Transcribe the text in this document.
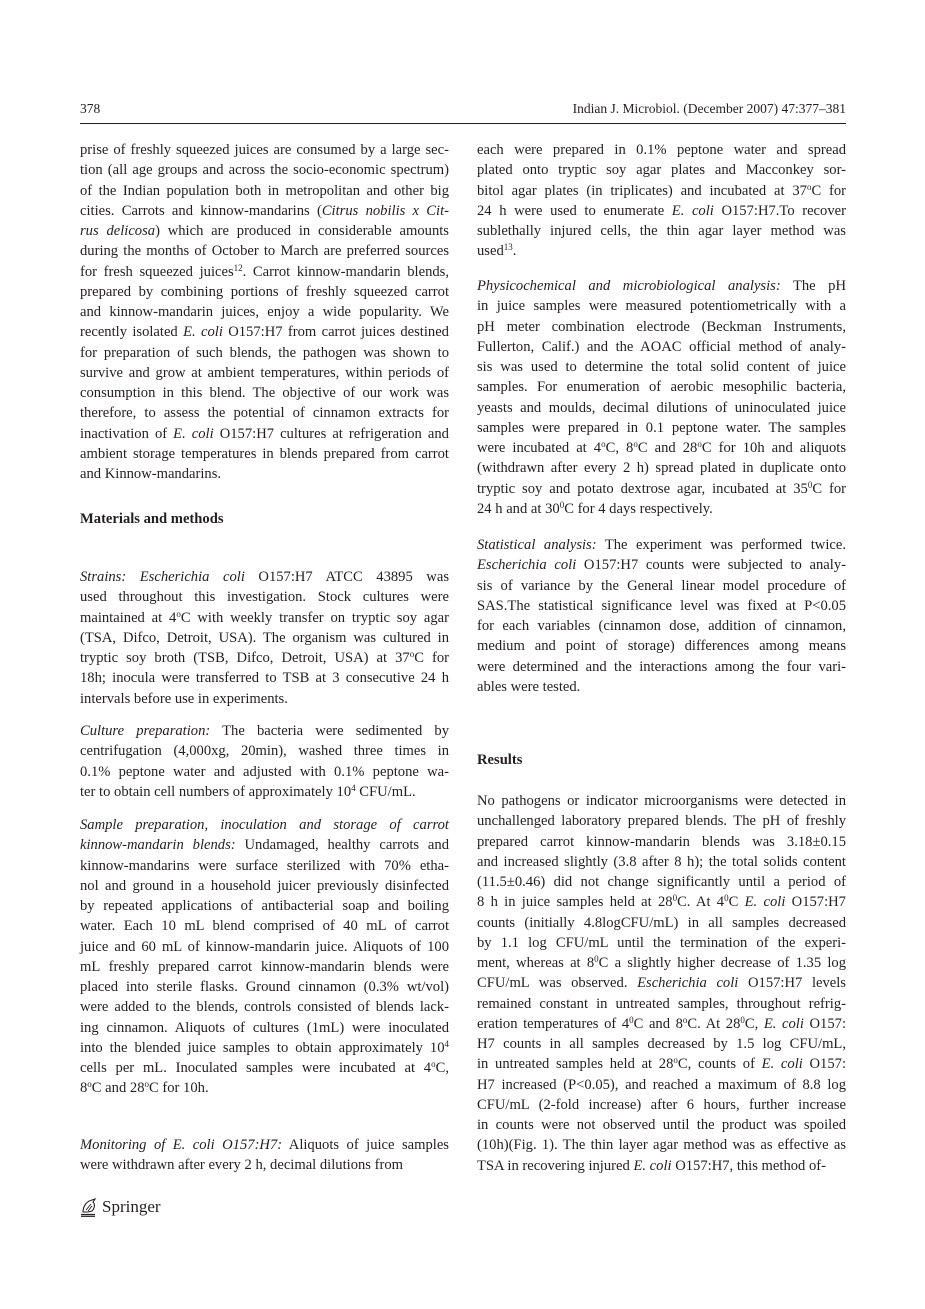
378	Indian J. Microbiol. (December 2007) 47:377–381
prise of freshly squeezed juices are consumed by a large sec-
tion (all age groups and across the socio-economic spectrum)
of the Indian population both in metropolitan and other big
cities. Carrots and kinnow-mandarins (Citrus nobilis x Cit-
rus delicosa) which are produced in considerable amounts
during the months of October to March are preferred sources
for fresh squeezed juices$^{12}$. Carrot kinnow-mandarin blends,
prepared by combining portions of freshly squeezed carrot
and kinnow-mandarin juices, enjoy a wide popularity. We
recently isolated E. coli O157:H7 from carrot juices destined
for preparation of such blends, the pathogen was shown to
survive and grow at ambient temperatures, within periods of
consumption in this blend. The objective of our work was
therefore, to assess the potential of cinnamon extracts for
inactivation of E. coli O157:H7 cultures at refrigeration and
ambient storage temperatures in blends prepared from carrot
and Kinnow-mandarins.
Materials and methods
Strains: Escherichia coli O157:H7 ATCC 43895 was
used throughout this investigation. Stock cultures were
maintained at 4$^o$C with weekly transfer on tryptic soy agar
(TSA, Difco, Detroit, USA). The organism was cultured in
tryptic soy broth (TSB, Difco, Detroit, USA) at 37$^o$C for
18h; inocula were transferred to TSB at 3 consecutive 24 h
intervals before use in experiments.
Culture preparation: The bacteria were sedimented by
centrifugation (4,000xg, 20min), washed three times in
0.1% peptone water and adjusted with 0.1% peptone wa-
ter to obtain cell numbers of approximately $10^4$ CFU/mL.
Sample preparation, inoculation and storage of carrot
kinnow-mandarin blends: Undamaged, healthy carrots and
kinnow-mandarins were surface sterilized with 70% etha-
nol and ground in a household juicer previously disinfected
by repeated applications of antibacterial soap and boiling
water. Each 10 mL blend comprised of 40 mL of carrot
juice and 60 mL of kinnow-mandarin juice. Aliquots of 100
mL freshly prepared carrot kinnow-mandarin blends were
placed into sterile flasks. Ground cinnamon (0.3% wt/vol)
were added to the blends, controls consisted of blends lack-
ing cinnamon. Aliquots of cultures (1mL) were inoculated
into the blended juice samples to obtain approximately $10^4$
cells per mL. Inoculated samples were incubated at 4$^o$C,
8$^o$C and 28$^o$C for 10h.
Monitoring of E. coli O157:H7: Aliquots of juice samples
were withdrawn after every 2 h, decimal dilutions from
each were prepared in 0.1% peptone water and spread
plated onto tryptic soy agar plates and Macconkey sor-
bitol agar plates (in triplicates) and incubated at 37$^o$C for
24 h were used to enumerate E. coli O157:H7.To recover
sublethally injured cells, the thin agar layer method was
used$^{13}$.
Physicochemical and microbiological analysis: The pH
in juice samples were measured potentiometrically with a
pH meter combination electrode (Beckman Instruments,
Fullerton, Calif.) and the AOAC official method of analy-
sis was used to determine the total solid content of juice
samples. For enumeration of aerobic mesophilic bacteria,
yeasts and moulds, decimal dilutions of uninoculated juice
samples were prepared in 0.1 peptone water. The samples
were incubated at 4$^o$C, 8$^o$C and 28$^o$C for 10h and aliquots
(withdrawn after every 2 h) spread plated in duplicate onto
tryptic soy and potato dextrose agar, incubated at $35^0C$ for
24 h and at $30^0C$ for 4 days respectively.
Statistical analysis: The experiment was performed twice.
Escherichia coli O157:H7 counts were subjected to analy-
sis of variance by the General linear model procedure of
SAS.The statistical significance level was fixed at P<0.05
for each variables (cinnamon dose, addition of cinnamon,
medium and point of storage) differences among means
were determined and the interactions among the four vari-
ables were tested.
Results
No pathogens or indicator microorganisms were detected in
unchallenged laboratory prepared blends. The pH of freshly
prepared carrot kinnow-mandarin blends was 3.18±0.15
and increased slightly (3.8 after 8 h); the total solids content
(11.5±0.46) did not change significantly until a period of
8 h in juice samples held at $28^0C$. At $4^0C$ E. coli O157:H7
counts (initially 4.8logCFU/mL) in all samples decreased
by 1.1 log CFU/mL until the termination of the experi-
ment, whereas at $8^0C$ a slightly higher decrease of 1.35 log
CFU/mL was observed. Escherichia coli O157:H7 levels
remained constant in untreated samples, throughout refrig-
eration temperatures of $4^0C$ and 8$^o$C. At $28^0C$, E. coli O157:
H7 counts in all samples decreased by 1.5 log CFU/mL,
in untreated samples held at 28$^o$C, counts of E. coli O157:
H7 increased (P<0.05), and reached a maximum of 8.8 log
CFU/mL (2-fold increase) after 6 hours, further increase
in counts were not observed until the product was spoiled
(10h)(Fig. 1). The thin layer agar method was as effective as
TSA in recovering injured E. coli O157:H7, this method of-
Springer
